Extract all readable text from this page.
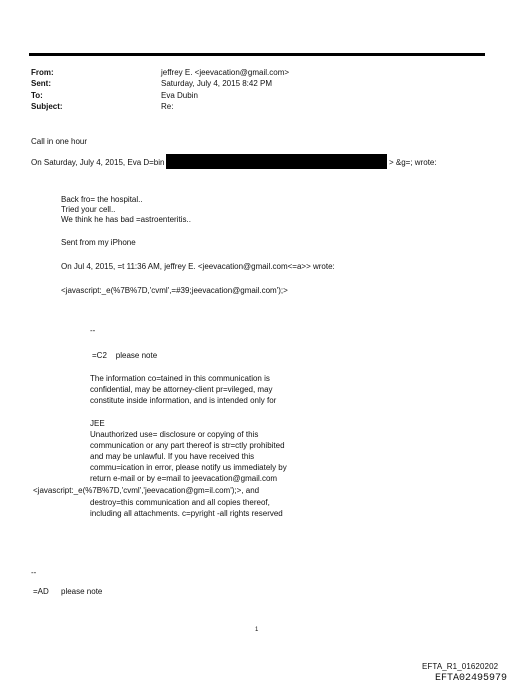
From:	jeffrey E. <jeevacation@gmail.com>
Sent:	Saturday, July 4, 2015 8:42 PM
To:	Eva Dubin
Subject:	Re:
Call in one hour
On Saturday, July 4, 2015, Eva D=bin	> &g=; wrote:
Back fro= the hospital..
Tried your cell..
We think he has bad =astroenteritis..
Sent from my iPhone
On Jul 4, 2015, =t 11:36 AM, jeffrey E. <jeevacation@gmail.com<=a>> wrote:
<javascript:_e(%7B%7D,'cvml',=#39;jeevacation@gmail.com');>
--
=C2    please note
The information co=tained in this communication is
confidential, may be attorney-client pr=vileged, may
constitute inside information, and is intended only for
JEE
Unauthorized use= disclosure or copying of this
communication or any part thereof is str=ctly prohibited
and may be unlawful. If you have received this
commu=ication in error, please notify us immediately by
return e-mail or by e=mail to jeevacation@gmail.com
<javascript:_e(%7B%7D,'cvml','jeevacation@gm=il.com');>, and
destroy=this communication and all copies thereof,
including all attachments. c=pyright -all rights reserved
--
=AD please note
1
EFTA_R1_01620202
EFTA02495979
